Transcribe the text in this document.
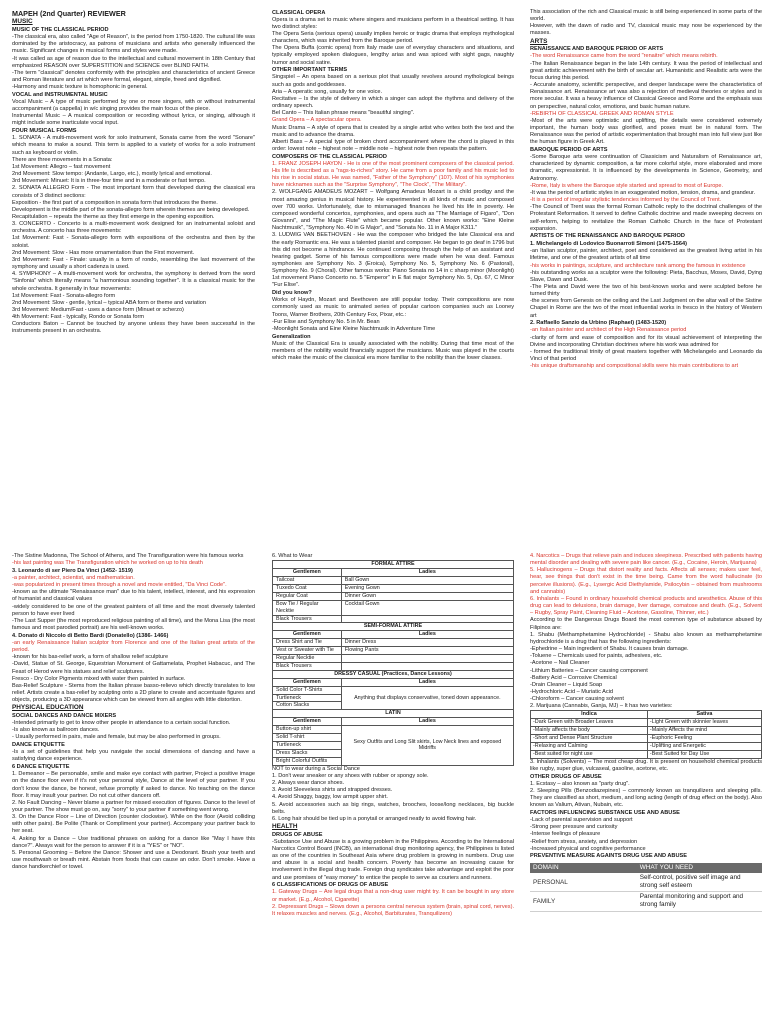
MAPEH (2nd Quarter) REVIEWER
MUSIC
MUSIC OF THE CLASSICAL PERIOD
-The classical era, also called "Age of Reason", is the period from 1750-1820. The cultural life was dominated by the aristocracy, as patrons of musicians and artists who generally influenced the music. Significant changes in musical forms and styles were made.
-It was called as age of reason due to the intellectual and cultural movement in 18th Century that emphasized REASON over SUPERSTITION and SCIENCE over BLIND FAITH.
-The term "classical" denotes conformity with the principles and characteristics of ancient Greece and Roman literature and art which were formal, elegant, simple, freed and dignified.
-Harmony and music texture is homophonic in general.
VOCAL and INSTRUMENTAL MUSIC
Vocal Music – A type of music performed by one or more singers, with or without instrumental accompaniment (a cappella) in w/c singing provides the main focus of the piece.
Instrumental Music – A musical composition or recording without lyrics, or singing, although it might include some inarticulate vocal input.
FOUR MUSICAL FORMS
1. SONATA - A multi-movement work for solo instrument, Sonata came from the word "Sonare" which means to make a sound. This term is applied to a variety of works for a solo instrument such as keyboard or violin.
There are three movements in a Sonata:
1st Movement: Allegro – fast movement
2nd Movement: Slow tempo: (Andante, Largo, etc.), mostly lyrical and emotional.
3rd Movement: Minuet: It is in three-four time and in a moderate or fast tempo.
2. SONATA ALLEGRO Form - The most important form that developed during the classical era consists of 3 distinct sections:
Exposition - the first part of a composition in sonata form that introduces the theme.
Development is the middle part of the sonata-allegro form wherein themes are being developed.
Recapitulation – repeats the theme as they first emerge in the opening exposition.
3. CONCERTO - Concerto is a multi-movement work designed for an instrumental soloist and orchestra. A concerto has three movements:
1st Movement: Fast - Sonata-allegro form with expositions of the orchestra and then by the soloist.
2nd Movement: Slow - Has more ornamentation than the First movement.
3rd Movement: Fast - Finale: usually in a form of rondo, resembling the last movement of the symphony and usually a short cadenza is used.
4. SYMPHONY – A multi-movement work for orchestra, the symphony is derived from the word "Sinfonia" which literally means "a harmonious sounding together". It is a classical music for the whole orchestra. It generally in four movements:
1st Movement: Fast - Sonata-allegro form
2nd Movement: Slow - gentle, lyrical – typical ABA form or theme and variation
3rd Movement: Medium/Fast - uses a dance form (Minuet or scherzo)
4th Movement: Fast - typically, Rondo or Sonata form
Conductors Baton – Cannot be touched by anyone unless they have been successful in the instruments present in an orchestra.
CLASSICAL OPERA
Opera is a drama set to music where singers and musicians perform in a theatrical setting. It has two distinct styles:
The Opera Seria (serious opera) usually implies heroic or tragic drama that employs mythological characters, which was inherited from the Baroque period.
The Opera Buffa (comic opera) from Italy made use of everyday characters and situations, and typically employed spoken dialogues, lengthy arias and was spiced with sight gags, naughty humor and social satire.
OTHER IMPORTANT TERMS
Singspiel – An opera based on a serious plot that usually revolves around mythological beings such as gods and goddesses.
Aria – A operatic song, usually for one voice.
Recitative – Is the style of delivery in which a singer can adopt the rhythms and delivery of the ordinary speech.
Bel Canto – This Italian phrase means "beautiful singing".
Grand Opera – A spectacular opera.
Music Drama – A style of opera that is created by a single artist who writes both the text and the music and to advance the drama.
Alberti Bass – A special type of broken chord accompaniment where the chord is played in this order: lowest note – highest note – middle note – highest note then repeats the pattern.
COMPOSERS OF THE CLASSICAL PERIOD
1. FRANZ JOSEPH HAYDN - He is one of the most prominent composers of the classical period. His life is described as a "rags-to-riches" story. He came from a poor family and his music led to his rise in social status. He was named, "Father of the Symphony" (107). Most of his symphonies have nicknames such as the "Surprise Symphony", "The Clock", "The Military".
2. WOLFGANG AMADEUS MOZART – Wolfgang Amadeus Mozart is a child prodigy and the most amazing genius in musical history. He experimented in all kinds of music and composed over 700 works. Unfortunately, due to mismanaged finances he lived his life in poverty. He composed wonderful concertos, symphonies, and opera such as "The Marriage of Figaro", "Don Giovanni", and "The Magic Flute" which became popular. Other known works: "Eine Kleine Nachtmusik", "Symphony No. 40 in G Major", and "Sonata No. 11 in A Major K311."
3. LUDWIG VAN BEETHOVEN - He was the composer who bridged the late Classical era and the early Romantic era. He was a talented pianist and composer. He began to go deaf in 1796 but this did not become a hindrance. He continued composing through the help of an assistant and hearing gadget. Some of his famous compositions were made when he was deaf. Famous symphonies are Symphony No. 3 (Eroica), Symphony No. 5, Symphony No. 6 (Pastoral), Symphony No. 9 (Choral). Other famous works: Piano Sonata no 14 in c sharp minor (Moonlight) 1st movement Piano Concerto no. 5 "Emperor" in E flat major Symphony No. 5, Op. 67, C Minor "Fur Elise".
Did you know?
Works of Haydn, Mozart and Beethoven are still popular today. Their compositions are now commonly used as music to animated series of popular cartoon companies such as Looney Toons, Warner Brothers, 20th Century Fox, Pixar, etc.:
-Fur Elise and Symphony No. 5 in Mr. Bean
-Moonlight Sonata and Eine Kleine Nachtmusik in Adventure Time
Generalization
Music of the Classical Era is usually associated with the nobility. During that time most of the members of the nobility would financially support the musicians. Music was played in the courts which make the music of the classical era more familiar to the nobility than the lower classes.
This association of the rich and Classical music is still being experienced in some parts of the world.
However, with the dawn of radio and TV, classical music may now be experienced by the masses.
ARTS
RENAISSANCE AND BAROQUE PERIOD OF ARTS
-The word Renaissance came from the word "renaitre" which means rebirth.
-The Italian Renaissance began in the late 14th century. It was the period of intellectual and great artistic achievement with the birth of secular art. Humanistic and Realistic arts were the focus during this period.
- Accurate anatomy, scientific perspective, and deeper landscape were the characteristics of Renaissance art. Renaissance art was also a rejection of medieval theories or styles and is more secular. It was a heavy influence of Classical Greece and Rome and the emphasis was on perspective, natural color, emotions, and basic human nature.
-REBIRTH OF CLASSICAL GREEK AND ROMAN STYLE
-Most of the arts were optimistic and uplifting, the details were considered extremely important, the human body was glorified, and poses must be in natural form. The Renaissance was the period of artistic experimentation that brought man into full view just like the human figure in Greek Art.
BAROQUE PERIOD OF ARTS
-Some Baroque arts were continuation of Classicism and Naturalism of Renaissance art, characterized by dynamic composition, a far more colorful style, more elaborated and more dramatic, expressionist. It is influenced by the developments in Science, Geometry, and Astronomy.
-Rome, Italy is where the Baroque style started and spread to most of Europe.
-It was the period of artistic styles in an exaggerated motion, tension, drama, and grandeur.
-It is a period of irregular stylistic tendencies informed by the Council of Trent.
-The Council of Trent was the formal Roman Catholic reply to the doctrinal challenges of the Protestant Reformation. It served to define Catholic doctrine and made sweeping decrees on self-reform, helping to revitalize the Roman Catholic Church in the face of Protestant expansion.
ARTISTS OF THE RENAISSANCE AND BAROQUE PERIOD
1. Michelangelo di Lodovico Buonarroti Simoni (1475-1564)
-an Italian sculptor, painter, architect, poet and considered as the greatest living artist in his lifetime, and one of the greatest artists of all time
-his works in paintings, sculpture, and architecture rank among the famous in existence
-his outstanding works as a sculptor were the following: Pieta, Bacchus, Moses, David, Dying Slave, Dawn and Dusk.
-The Pieta and David were the two of his best-known works and were sculpted before he turned thirty
-the scenes from Genesis on the ceiling and the Last Judgment on the altar wall of the Sistine Chapel in Rome are the two of the most influential works in fresco in the history of Western art
2. Raffaello Sanzio da Urbino (Raphael) (1483-1520)
-an Italian painter and architect of the High Renaissance period
-clarity of form and ease of composition and for its visual achievement of interpreting the Divine and incorporating Christian doctrines where his work was admired for
- formed the traditional trinity of great masters together with Michelangelo and Leonardo da Vinci of that period
-his unique draftsmanship and compositional skills were his main contributions to art
-The Sistine Madonna, The School of Athens, and The Transfiguration were his famous works
-his last painting was The Transfiguration which he worked on up to his death
3. Leonardo di ser Piero Da Vinci (1452- 1519)
-a painter, architect, scientist, and mathematician.
-was popularized in present times through a novel and movie entitled, "Da Vinci Code".
-known as the ultimate "Renaissance man" due to his talent, intellect, interest, and his expression of humanist and classical values
-widely considered to be one of the greatest painters of all time and the most diversely talented person to have ever lived
-The Last Supper (the most reproduced religious painting of all time), and the Mona Lisa (the most famous and most parodied portrait) are his well-known works.
4. Donato di Niccolo di Betto Bardi (Donatello) (1386- 1466)
-an early Renaissance Italian sculptor from Florence and one of the Italian great artists of the period.
-known for his bas-relief work, a form of shallow relief sculpture
-David, Statue of St. George, Equestrian Monument of Gattamelata, Prophet Habacuc, and The Feast of Herod were his statues and relief sculptures.
Fresco - Dry Color Pigments mixed with water then painted in surface.
Bas-Relief Sculpture - Stems from the Italian phrase basso-relievo which directly translates to low relief. Artists create a bas-relief by sculpting onto a 2D plane to create and accentuate figures and objects, producing a 3D appearance which can be viewed from all angles with little distortion.
PHYSICAL EDUCATION
SOCIAL DANCES AND DANCE MIXERS
-Intended primarily to get to know other people in attendance to a certain social function.
-Is also known as ballroom dances.
- Usually performed in pairs, male and female, but may be also performed in groups.
DANCE ETIQUETTE
-Is a set of guidelines that help you navigate the social dimensions of dancing and have a satisfying dance experience.
6 DANCE ETIQUETTE
1. Demeanor – Be personable, smile and make eye contact with partner, Project a positive image on the dance floor even if it's not your personal style, Dance at the level of your partner. If you don't know the dance, be honest, refuse promptly if asked to dance. No teaching on the dance floor. It may insult your partner. Do not cut other dancers off.
2. No Fault Dancing – Never blame a partner for missed execution of figures. Dance to the level of your partner. The show must go on, say "sorry" to your partner if something went wrong.
3. On the Dance Floor – Line of Direction (counter clockwise). While on the floor (Avoid colliding with other pairs). Be Polite (Thank or Compliment your partner). Accompany your partner back to her seat.
4. Asking for a Dance – Use traditional phrases on asking for a dance like "May I have this dance?". Always wait for the person to answer if it is a "YES" or "NO".
5. Personal Grooming – Before the Dance: Shower and use a Deodorant. Brush your teeth and use mouthwash or breath mint. Abstain from foods that can cause an odor. Don't smoke. Have a dance handkerchief or towel.
6. What to Wear
FORMAL ATTIRE	
Gentlemen	Ladies
Tailcoat	Ball Gown
Tuxedo Coat	Evening Gown
Regular Coat	Dinner Gown
Bow Tie / Regular Necktie	Cocktail Gown
Black Trousers	
SEMI-FORMAL ATTIRE	
Gentlemen	Ladies
Dress Shirt and Tie	Dinner Dress
Vest or Sweater with Tie	Flowing Pants
Regular Necktie	
Black Trousers	
DRESSY CASUAL (Practices, Dance Lessons)	
Gentlemen	Ladies
Solid Color T-Shirts	Anything that displays conservative, toned down appearance.
Turtleneck	
Cotton Slacks	
LATIN	
Gentlemen	Ladies
Button-up shirt	Sexy Outfits and Long Slit skirts, Low Neck lines and exposed Midriffs
Solid T-shirt	
Turtleneck	
Dress Slacks	
Bright Colorful Outfits	
NOT to wear during a Social Dance
1. Don't wear sneaker or any shoes with rubber or spongy sole.
2. Always wear dance shoes.
3. Avoid Sleeveless shirts and strapped dresses.
4. Avoid Shaggy, baggy, low armpit upper shirt.
5. Avoid accessories such as big rings, watches, brooches, loose/long necklaces, big buckle belts.
6. Long hair should be tied up in a ponytail or arranged neatly to avoid flowing hair.
HEALTH
DRUGS OF ABUSE
-Substance Use and Abuse is a growing problem in the Philippines. According to the International Narcotics Control Board (INCB), an international drug monitoring agency, the Philippines is listed as one of the countries in Southeast Asia where drug problem is growing in numbers. Drug use and abuse is a social and health concern. Poverty has become an increasing cause for involvement in the illegal drug trade. Foreign drug syndicates take advantage and exploit the poor and use promises of "easy money" to entice the people to serve as couriers and runners.
6 CLASSIFICATIONS OF DRUGS OF ABUSE
1. Gateway Drugs – Are legal drugs that a non-drug user might try. It can be bought in any store or market. (E.g., Alcohol, Cigarette)
2. Depressant Drugs – Slows down a persons central nervous system (brain, spinal cord, nerves). It relaxes muscles and nerves. (E.g., Alcohol, Barbiturates, Tranquilizers)
4. Narcotics – Drugs that relieve pain and induces sleepiness. Prescribed with patients having mental disorder and dealing with severe pain like cancer. (E.g., Cocaine, Heroin, Marijuana)
5. Hallucinogens – Drugs that distort reality and facts. Affects all senses; makes user feel, hear, see things that don't exist in the time being. Came from the word hallucinate (to perceive illusions). (E.g., Lysergic Acid Diethylamide, Psilocybin – obtained from mushrooms and cannabis)
6. Inhalants – Found in ordinary household chemical products and anesthetics. Abuse of this drug can lead to delusions, brain damage, liver damage, comatose and death. (E.g., Solvent – Rugby, Spray Paint, Cleaning Fluid – Acetone, Gasoline, Thinner, etc.)
According to the Dangerous Drugs Board the most common type of substance abused by Filipinos are:
1. Shabu (Methamphetamine Hydrochloride) - Shabu also known as methamphetamine hydrochloride is a drug that has the following ingredients:
-Ephedrine – Main ingredient of Shabu. It causes brain damage.
-Toluene – Chemicals used for paints, adhesives, etc.
-Acetone – Nail Cleaner
-Lithium Batteries – Cancer causing component
-Battery Acid – Corrosive Chemical
-Drain Cleaner – Liquid Soap
-Hydrochloric Acid – Muriatic Acid
-Chloroform – Cancer causing solvent
2. Marijuana (Cannabis, Ganja, MJ) – It has two varieties:
Indica	Sativa
-Dark Green with Broader Leaves	-Light Green with skinnier leaves
-Mainly affects the body	-Mainly Affects the mind
-Short and Dense Plant Structure	-Euphoric Feeling
-Relaxing and Calming	-Uplifting and Energetic
-Best suited for night use	-Best Suited for Day Use
3. Inhalants (Solvents) – The most cheap drug. It is present on household chemical products like rugby, super glue, vulcaseal, gasoline, acetone, etc.
OTHER DRUGS OF ABUSE
1. Ecstasy – also known as "party drug".
2. Sleeping Pills (Benzodiazepines) – commonly known as tranquilizers and sleeping pills. They are classified as short, medium, and long acting (length of drug effect on the body). Also known as Valium, Ativan, Nubain, etc.
FACTORS INFLUENCING SUBSTANCE USE AND ABUSE
-Lack of parental supervision and support
-Strong peer pressure and curiosity
-Intense feelings of pleasure
-Relief from stress, anxiety, and depression
-Increased physical and cognitive performance
PREVENTIVE MEASURE AGAINTS DRUG USE AND ABUSE
DOMAIN	WHAT YOU NEED
PERSONAL	Self-control, positive self image and strong self esteem
FAMILY	Parental monitoring and support and strong family
